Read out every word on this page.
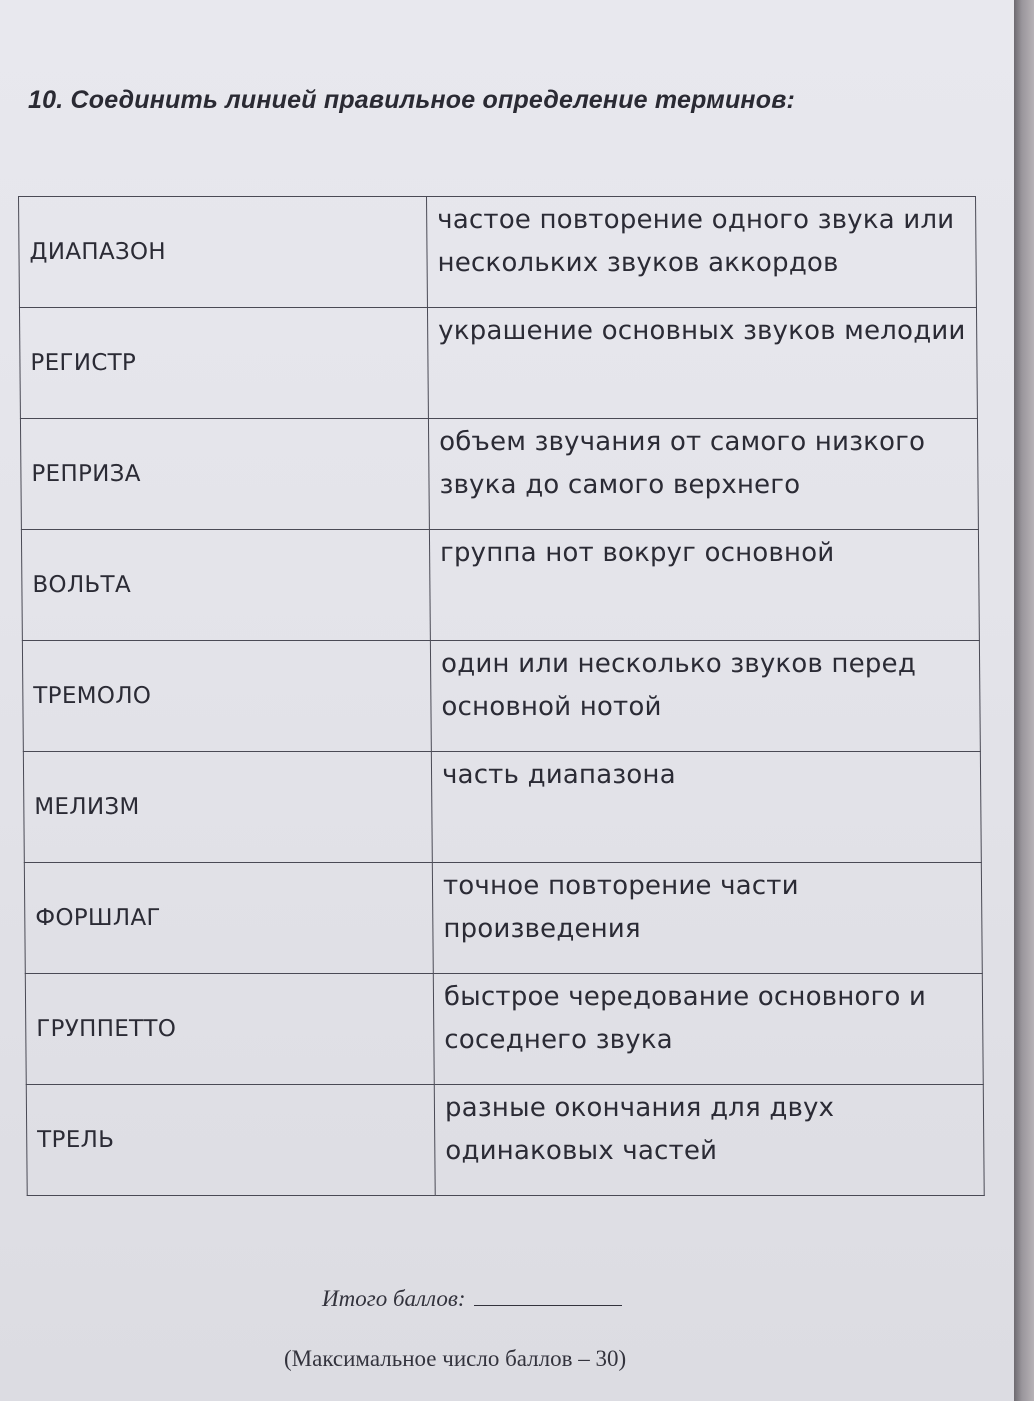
10. Соединить линией правильное определение терминов:
ДИАПАЗОН	частое повторение одного звука или нескольких звуков аккордов
РЕГИСТР	украшение основных звуков мелодии
РЕПРИЗА	объем звучания от самого низкого звука до самого верхнего
ВОЛЬТА	группа нот вокруг основной
ТРЕМОЛО	один или несколько звуков перед основной нотой
МЕЛИЗМ	часть диапазона
ФОРШЛАГ	точное повторение части произведения
ГРУППЕТТО	быстрое чередование основного и соседнего звука
ТРЕЛЬ	разные окончания для двух одинаковых частей
Итого баллов:
(Максимальное число баллов – 30)
